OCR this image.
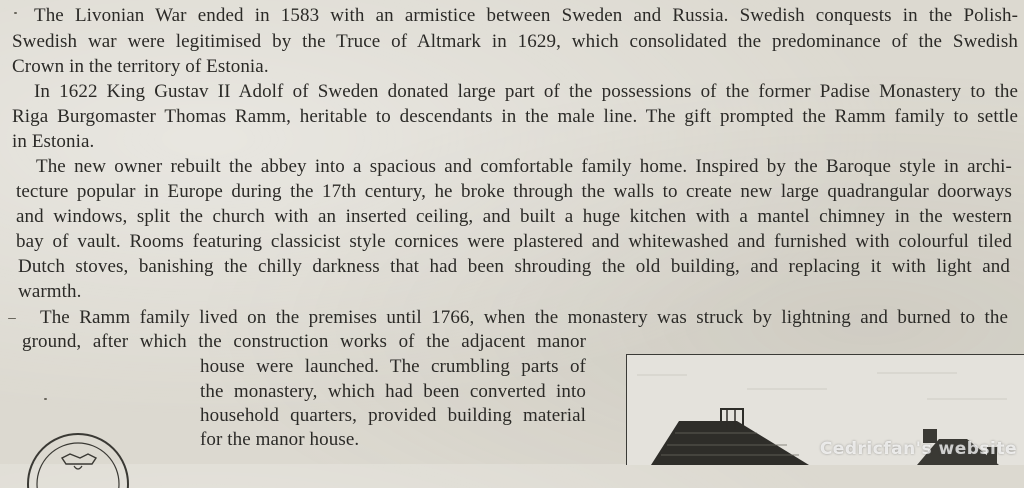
The Livonian War ended in 1583 with an armistice between Sweden and Russia. Swedish conquests in the Polish-
Swedish war were legitimised by the Truce of Altmark in 1629, which consolidated the predominance of the Swedish
Crown in the territory of Estonia.
In 1622 King Gustav II Adolf of Sweden donated large part of the possessions of the former Padise Monastery to the
Riga Burgomaster Thomas Ramm, heritable to descendants in the male line. The gift prompted the Ramm family to settle
in Estonia.
The new owner rebuilt the abbey into a spacious and comfortable family home. Inspired by the Baroque style in archi-
tecture popular in Europe during the 17th century, he broke through the walls to create new large quadrangular doorways
and windows, split the church with an inserted ceiling, and built a huge kitchen with a mantel chimney in the western
bay of vault. Rooms featuring classicist style cornices were plastered and whitewashed and furnished with colourful tiled
Dutch stoves, banishing the chilly darkness that had been shrouding the old building, and replacing it with light and
warmth.
The Ramm family lived on the premises until 1766, when the monastery was struck by lightning and burned to the
ground, after which the construction works of the adjacent manor
house were launched. The crumbling parts of
the monastery, which had been converted into
household quarters, provided building material
for the manor house.	Cedricfan's website
